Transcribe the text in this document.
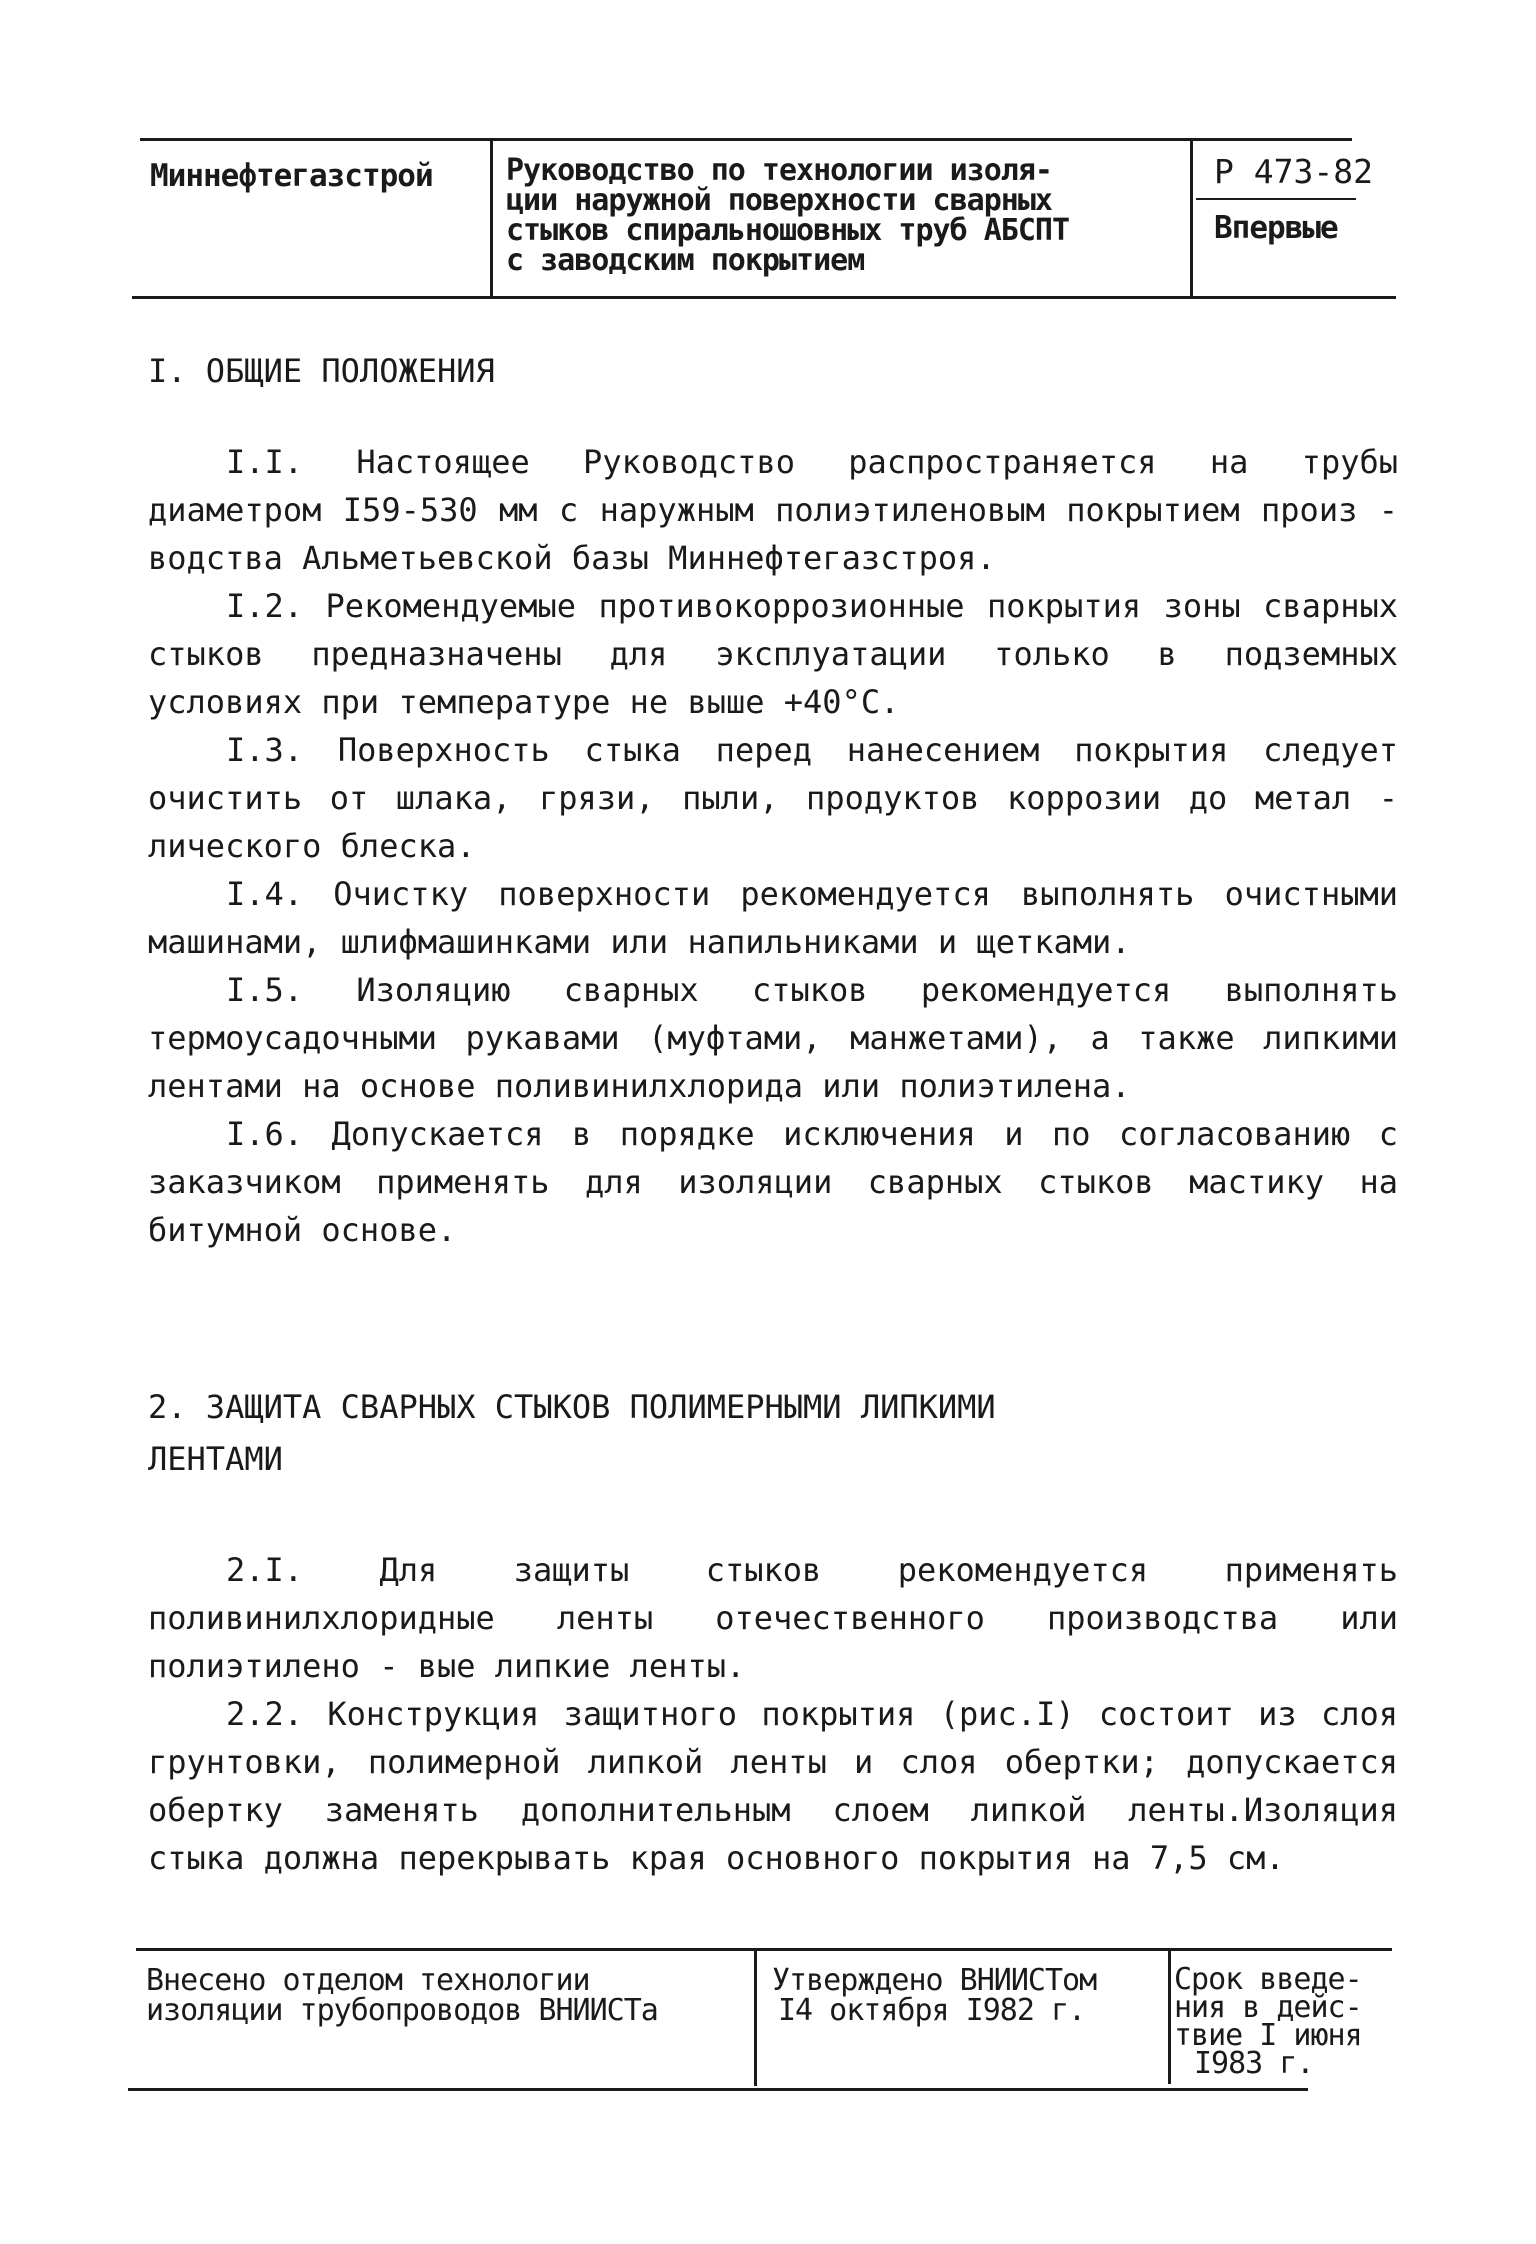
Миннефтегазстрой Руководство по технологии изоля-
ции наружной поверхности сварных
стыков спиральношовных труб АБСПТ
с заводским покрытием
Р 473-82
Впервые
I. ОБЩИЕ ПОЛОЖЕНИЯ

I.I. Настоящее Руководство распространяется на трубы диаметром I59-530 мм с наружным полиэтиленовым покрытием произ - водства Альметьевской базы Миннефтегазстроя.

I.2. Рекомендуемые противокоррозионные покрытия зоны сварных стыков предназначены для эксплуатации только в подземных условиях при температуре не выше +40°С.

I.3. Поверхность стыка перед нанесением покрытия следует очистить от шлака, грязи, пыли, продуктов коррозии до метал - лического блеска.

I.4. Очистку поверхности рекомендуется выполнять очистными машинами, шлифмашинками или напильниками и щетками.

I.5. Изоляцию сварных стыков рекомендуется выполнять термоусадочными рукавами (муфтами, манжетами), а также липкими лентами на основе поливинилхлорида или полиэтилена.

I.6. Допускается в порядке исключения и по согласованию с заказчиком применять для изоляции сварных стыков мастику на битумной основе.

2. ЗАЩИТА СВАРНЫХ СТЫКОВ ПОЛИМЕРНЫМИ ЛИПКИМИ
ЛЕНТАМИ

2.I. Для защиты стыков рекомендуется применять поливинилхлоридные ленты отечественного производства или полиэтилено - вые липкие ленты.

2.2. Конструкция защитного покрытия (рис.I) состоит из слоя грунтовки, полимерной липкой ленты и слоя обертки; допускается обертку заменять дополнительным слоем липкой ленты.Изоляция стыка должна перекрывать края основного покрытия на 7,5 см.

Внесено отделом технологии
изоляции трубопроводов ВНИИСТа
Утверждено ВНИИСТом
I4 октября I982 г.
Срок введе-
ния в дейс-
твие I июня
I983 г.
